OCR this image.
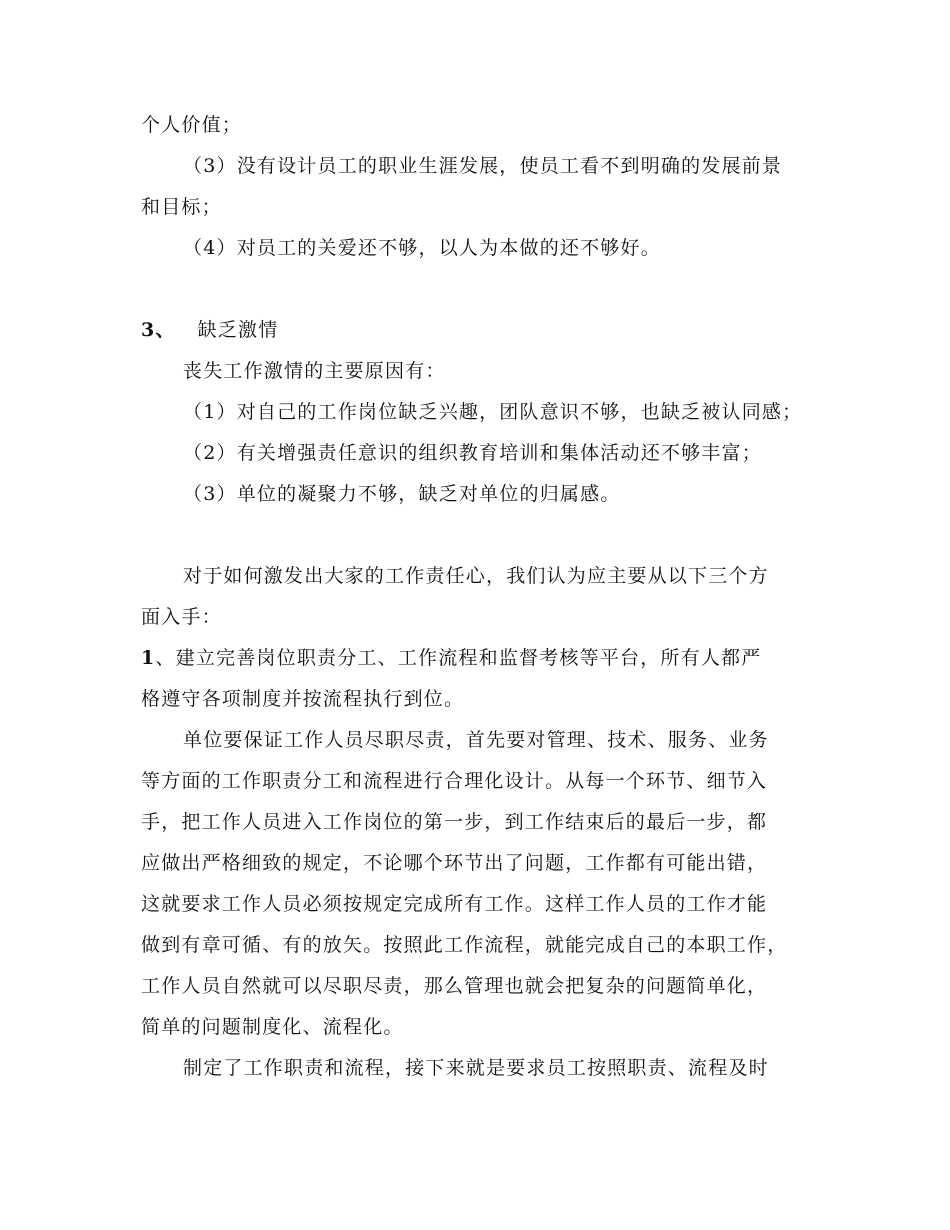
个人价值；
（3）没有设计员工的职业生涯发展，使员工看不到明确的发展前景
和目标；
（4）对员工的关爱还不够，以人为本做的还不够好。
3、 缺乏激情
丧失工作激情的主要原因有：
（1）对自己的工作岗位缺乏兴趣，团队意识不够，也缺乏被认同感；
（2）有关增强责任意识的组织教育培训和集体活动还不够丰富；
（3）单位的凝聚力不够，缺乏对单位的归属感。
对于如何激发出大家的工作责任心，我们认为应主要从以下三个方
面入手：
1、建立完善岗位职责分工、工作流程和监督考核等平台，所有人都严
格遵守各项制度并按流程执行到位。
单位要保证工作人员尽职尽责，首先要对管理、技术、服务、业务
等方面的工作职责分工和流程进行合理化设计。从每一个环节、细节入
手，把工作人员进入工作岗位的第一步，到工作结束后的最后一步，都
应做出严格细致的规定，不论哪个环节出了问题，工作都有可能出错，
这就要求工作人员必须按规定完成所有工作。这样工作人员的工作才能
做到有章可循、有的放矢。按照此工作流程，就能完成自己的本职工作，
工作人员自然就可以尽职尽责，那么管理也就会把复杂的问题简单化，
简单的问题制度化、流程化。
制定了工作职责和流程，接下来就是要求员工按照职责、流程及时
